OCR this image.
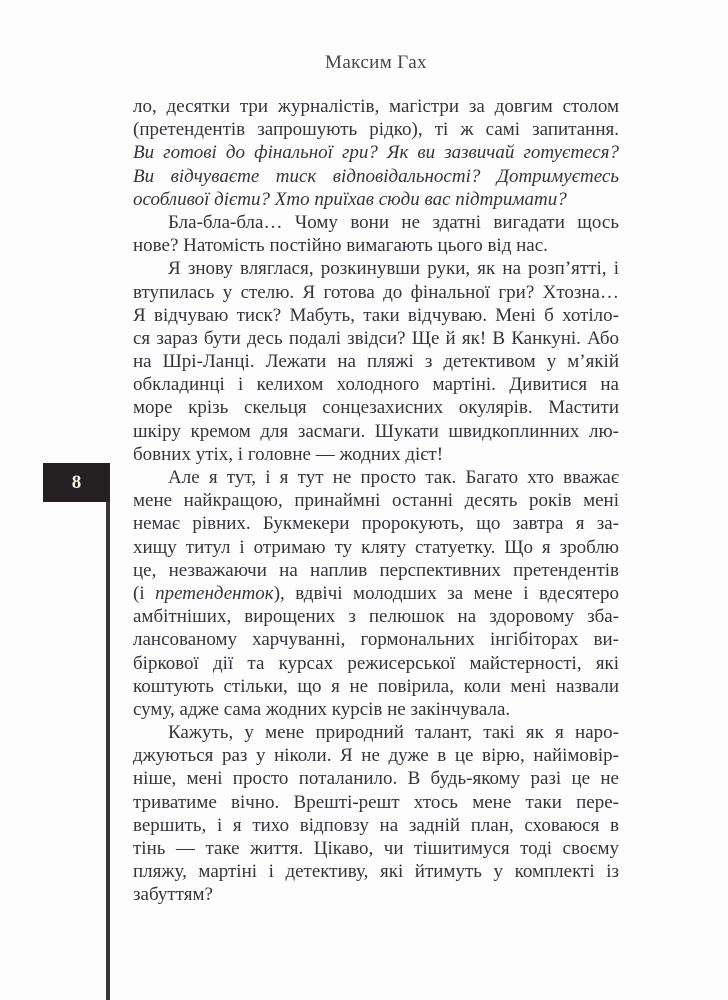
Максим Гах
8
ло, десятки три журналістів, магістри за довгим столом
(претендентів запрошують рідко), ті ж самі запитання.
Ви готові до фінальної гри? Як ви зазвичай готуєтеся?
Ви відчуваєте тиск відповідальності? Дотримуєтесь
особливої дієти? Хто приїхав сюди вас підтримати?
Бла-бла-бла… Чому вони не здатні вигадати щось
нове? Натомість постійно вимагають цього від нас.
Я знову вляглася, розкинувши руки, як на розп’ятті, і
втупилась у стелю. Я готова до фінальної гри? Хтозна…
Я відчуваю тиск? Мабуть, таки відчуваю. Мені б хотіло-
ся зараз бути десь подалі звідси? Ще й як! В Канкуні. Або
на Шрі-Ланці. Лежати на пляжі з детективом у м’якій
обкладинці і келихом холодного мартіні. Дивитися на
море крізь скельця сонцезахисних окулярів. Мастити
шкіру кремом для засмаги. Шукати швидкоплинних лю-
бовних утіх, і головне — жодних дієт!
Але я тут, і я тут не просто так. Багато хто вважає
мене найкращою, принаймні останні десять років мені
немає рівних. Букмекери пророкують, що завтра я за-
хищу титул і отримаю ту кляту статуетку. Що я зроблю
це, незважаючи на наплив перспективних претендентів
(і претенденток), вдвічі молодших за мене і вдесятеро
амбітніших, вирощених з пелюшок на здоровому зба-
лансованому харчуванні, гормональних інгібіторах ви-
біркової дії та курсах режисерської майстерності, які
коштують стільки, що я не повірила, коли мені назвали
суму, адже сама жодних курсів не закінчувала.
Кажуть, у мене природний талант, такі як я наро-
джуються раз у ніколи. Я не дуже в це вірю, найімовір-
ніше, мені просто поталанило. В будь-якому разі це не
триватиме вічно. Врешті-решт хтось мене таки пере-
вершить, і я тихо відповзу на задній план, сховаюся в
тінь — таке життя. Цікаво, чи тішитимуся тоді своєму
пляжу, мартіні і детективу, які йтимуть у комплекті із
забуттям?
